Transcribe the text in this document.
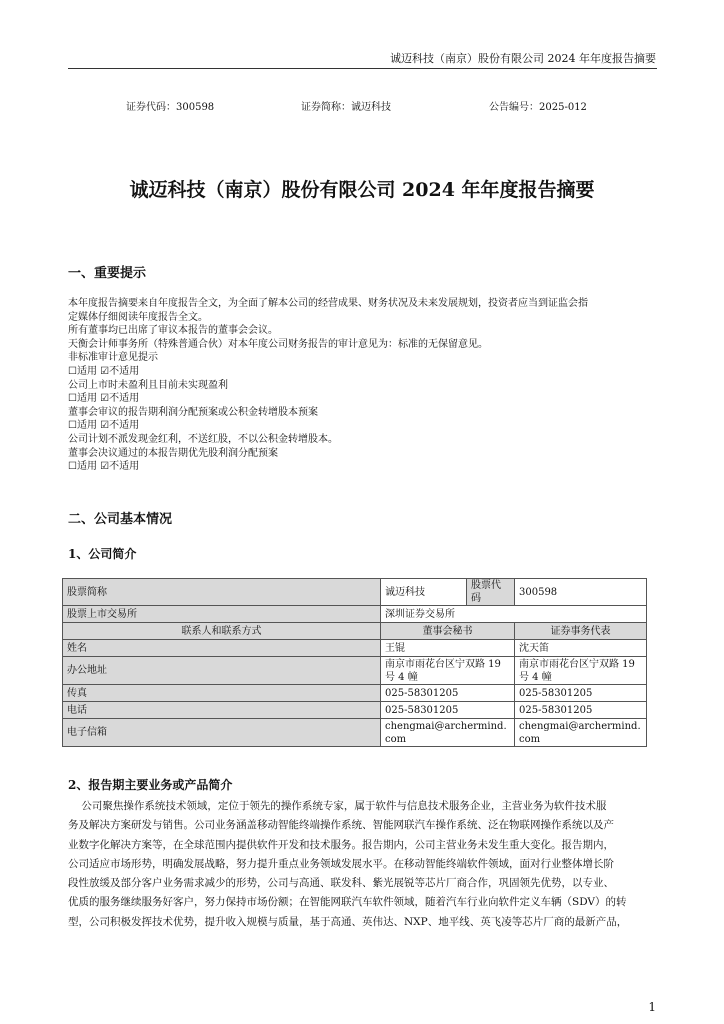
诚迈科技（南京）股份有限公司 2024 年年度报告摘要
证券代码：300598	证券简称：诚迈科技	公告编号：2025-012
诚迈科技（南京）股份有限公司 2024 年年度报告摘要
一、重要提示
本年度报告摘要来自年度报告全文，为全面了解本公司的经营成果、财务状况及未来发展规划，投资者应当到证监会指
定媒体仔细阅读年度报告全文。
所有董事均已出席了审议本报告的董事会会议。
天衡会计师事务所（特殊普通合伙）对本年度公司财务报告的审计意见为：标准的无保留意见。
非标准审计意见提示
☐适用 ☑不适用
公司上市时未盈利且目前未实现盈利
☐适用 ☑不适用
董事会审议的报告期利润分配预案或公积金转增股本预案
☐适用 ☑不适用
公司计划不派发现金红利，不送红股，不以公积金转增股本。
董事会决议通过的本报告期优先股利润分配预案
☐适用 ☑不适用
二、公司基本情况
1、公司简介
股票简称	诚迈科技	股票代码	300598
股票上市交易所	深圳证券交易所		
联系人和联系方式	董事会秘书		证券事务代表
姓名	王锟		沈天笛
办公地址	南京市雨花台区宁双路 19 号 4 幢		南京市雨花台区宁双路 19 号 4 幢
传真	025-58301205		025-58301205
电话	025-58301205		025-58301205
电子信箱	chengmai@archermind.com		chengmai@archermind.com
2、报告期主要业务或产品简介
公司聚焦操作系统技术领域，定位于领先的操作系统专家，属于软件与信息技术服务企业，主营业务为软件技术服
务及解决方案研发与销售。公司业务涵盖移动智能终端操作系统、智能网联汽车操作系统、泛在物联网操作系统以及产
业数字化解决方案等，在全球范围内提供软件开发和技术服务。报告期内，公司主营业务未发生重大变化。报告期内，
公司适应市场形势，明确发展战略，努力提升重点业务领域发展水平。在移动智能终端软件领域，面对行业整体增长阶
段性放缓及部分客户业务需求减少的形势，公司与高通、联发科、紫光展锐等芯片厂商合作，巩固领先优势，以专业、
优质的服务继续服务好客户，努力保持市场份额；在智能网联汽车软件领域，随着汽车行业向软件定义车辆（SDV）的转
型，公司积极发挥技术优势，提升收入规模与质量，基于高通、英伟达、NXP、地平线、英飞凌等芯片厂商的最新产品，
1
